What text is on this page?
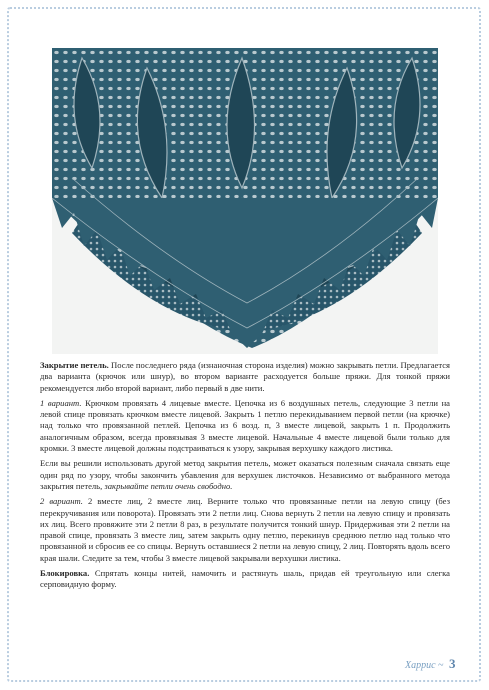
Закрытие петель. После последнего ряда (изнаночная сторона изделия) можно закрывать петли. Предлагается два варианта (крючок или шнур), во втором варианте расходуется больше пряжи. Для тонкой пряжи рекомендуется либо второй вариант, либо первый в две нити.

1 вариант. Крючком провязать 4 лицевые вместе. Цепочка из 6 воздушных петель, следующие 3 петли на левой спице провязать крючком вместе лицевой. Закрыть 1 петлю перекидыванием первой петли (на крючке) над только что провязанной петлей. Цепочка из 6 возд. п, 3 вместе лицевой, закрыть 1 п. Продолжить аналогичным образом, всегда провязывая 3 вместе лицевой. Начальные 4 вместе лицевой были только для кромки. 3 вместе лицевой должны подстраиваться к узору, закрывая верхушку каждого листика.

Если вы решили использовать другой метод закрытия петель, может оказаться полезным сначала связать еще один ряд по узору, чтобы закончить убавления для верхушек листочков. Независимо от выбранного метода закрытия петель, закрывайте петли очень свободно.

2 вариант. 2 вместе лиц, 2 вместе лиц. Верните только что провязанные петли на левую спицу (без перекручивания или поворота). Провязать эти 2 петли лиц. Снова вернуть 2 петли на левую спицу и провязать их лиц. Всего провяжите эти 2 петли 8 раз, в результате получится тонкий шнур. Придерживая эти 2 петли на правой спице, провязать 3 вместе лиц, затем закрыть одну петлю, перекинув среднюю петлю над только что провязанной и сбросив ее со спицы. Вернуть оставшиеся 2 петли на левую спицу, 2 лиц. Повторять вдоль всего края шали. Следите за тем, чтобы 3 вместе лицевой закрывали верхушки листика.

Блокировка. Спрятать концы нитей, намочить и растянуть шаль, придав ей треугольную или слегка серповидную форму.

Харрис ~ 3
